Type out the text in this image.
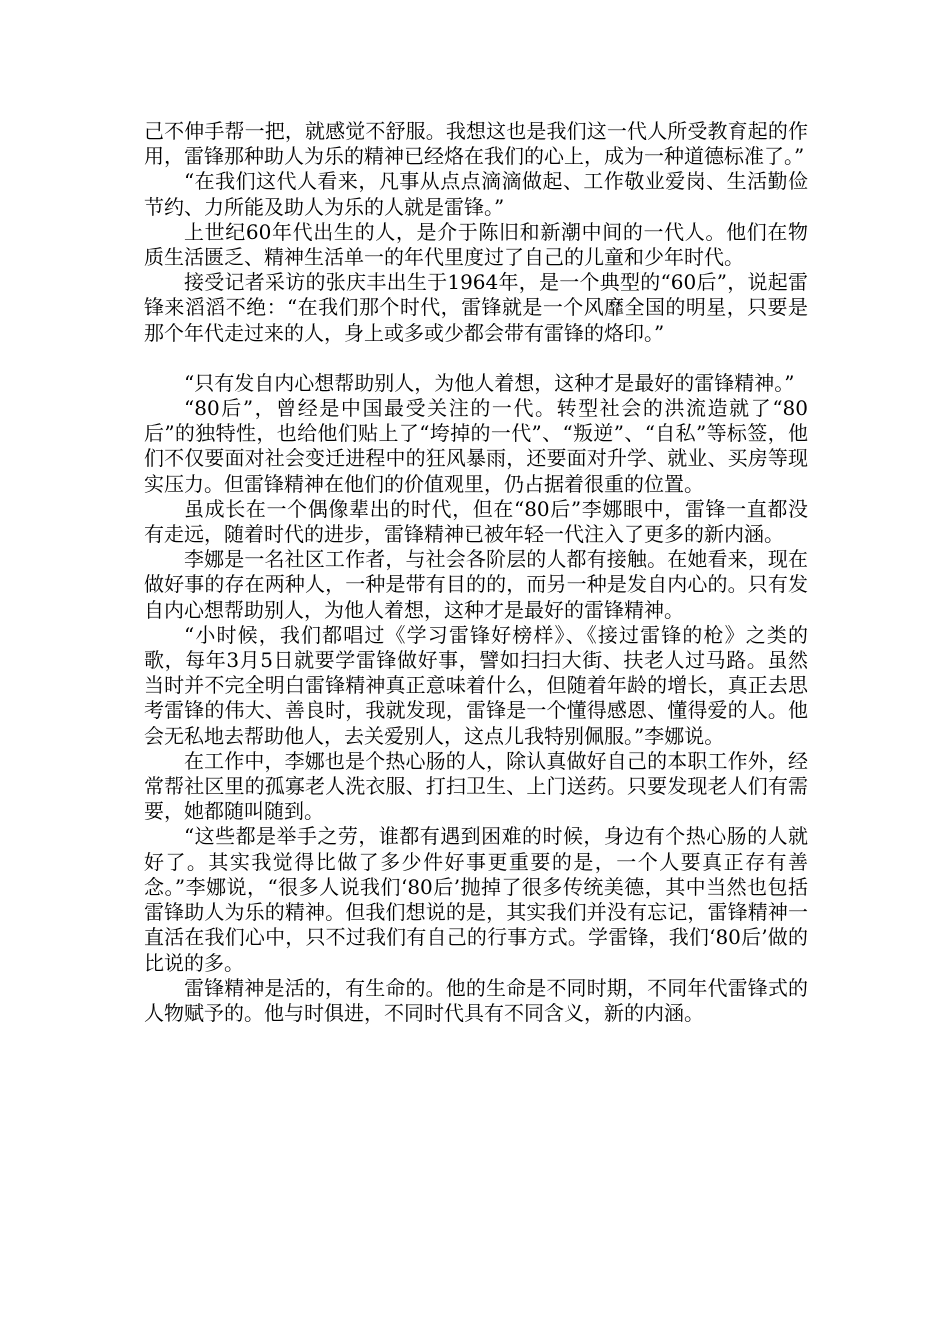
己不伸手帮一把，就感觉不舒服。我想这也是我们这一代人所受教育起的作用，雷锋那种助人为乐的精神已经烙在我们的心上，成为一种道德标准了。”

“在我们这代人看来，凡事从点点滴滴做起、工作敬业爱岗、生活勤俭节约、力所能及助人为乐的人就是雷锋。”

上世纪60年代出生的人，是介于陈旧和新潮中间的一代人。他们在物质生活匮乏、精神生活单一的年代里度过了自己的儿童和少年时代。

接受记者采访的张庆丰出生于1964年，是一个典型的“60后”，说起雷锋来滔滔不绝：“在我们那个时代，雷锋就是一个风靡全国的明星，只要是那个年代走过来的人，身上或多或少都会带有雷锋的烙印。”

“只有发自内心想帮助别人，为他人着想，这种才是最好的雷锋精神。”

“80后”，曾经是中国最受关注的一代。转型社会的洪流造就了“80后”的独特性，也给他们贴上了“垮掉的一代”、“叛逆”、“自私”等标签，他们不仅要面对社会变迁进程中的狂风暴雨，还要面对升学、就业、买房等现实压力。但雷锋精神在他们的价值观里，仍占据着很重的位置。

虽成长在一个偶像辈出的时代，但在“80后”李娜眼中，雷锋一直都没有走远，随着时代的进步，雷锋精神已被年轻一代注入了更多的新内涵。

李娜是一名社区工作者，与社会各阶层的人都有接触。在她看来，现在做好事的存在两种人，一种是带有目的的，而另一种是发自内心的。只有发自内心想帮助别人，为他人着想，这种才是最好的雷锋精神。

“小时候，我们都唱过《学习雷锋好榜样》、《接过雷锋的枪》之类的歌，每年3月5日就要学雷锋做好事，譬如扫扫大街、扶老人过马路。虽然当时并不完全明白雷锋精神真正意味着什么，但随着年龄的增长，真正去思考雷锋的伟大、善良时，我就发现，雷锋是一个懂得感恩、懂得爱的人。他会无私地去帮助他人，去关爱别人，这点儿我特别佩服。”李娜说。

在工作中，李娜也是个热心肠的人，除认真做好自己的本职工作外，经常帮社区里的孤寡老人洗衣服、打扫卫生、上门送药。只要发现老人们有需要，她都随叫随到。

“这些都是举手之劳，谁都有遇到困难的时候，身边有个热心肠的人就好了。其实我觉得比做了多少件好事更重要的是，一个人要真正存有善念。”李娜说，“很多人说我们‘80后’抛掉了很多传统美德，其中当然也包括雷锋助人为乐的精神。但我们想说的是，其实我们并没有忘记，雷锋精神一直活在我们心中，只不过我们有自己的行事方式。学雷锋，我们‘80后’做的比说的多。

雷锋精神是活的，有生命的。他的生命是不同时期，不同年代雷锋式的人物赋予的。他与时俱进，不同时代具有不同含义，新的内涵。
